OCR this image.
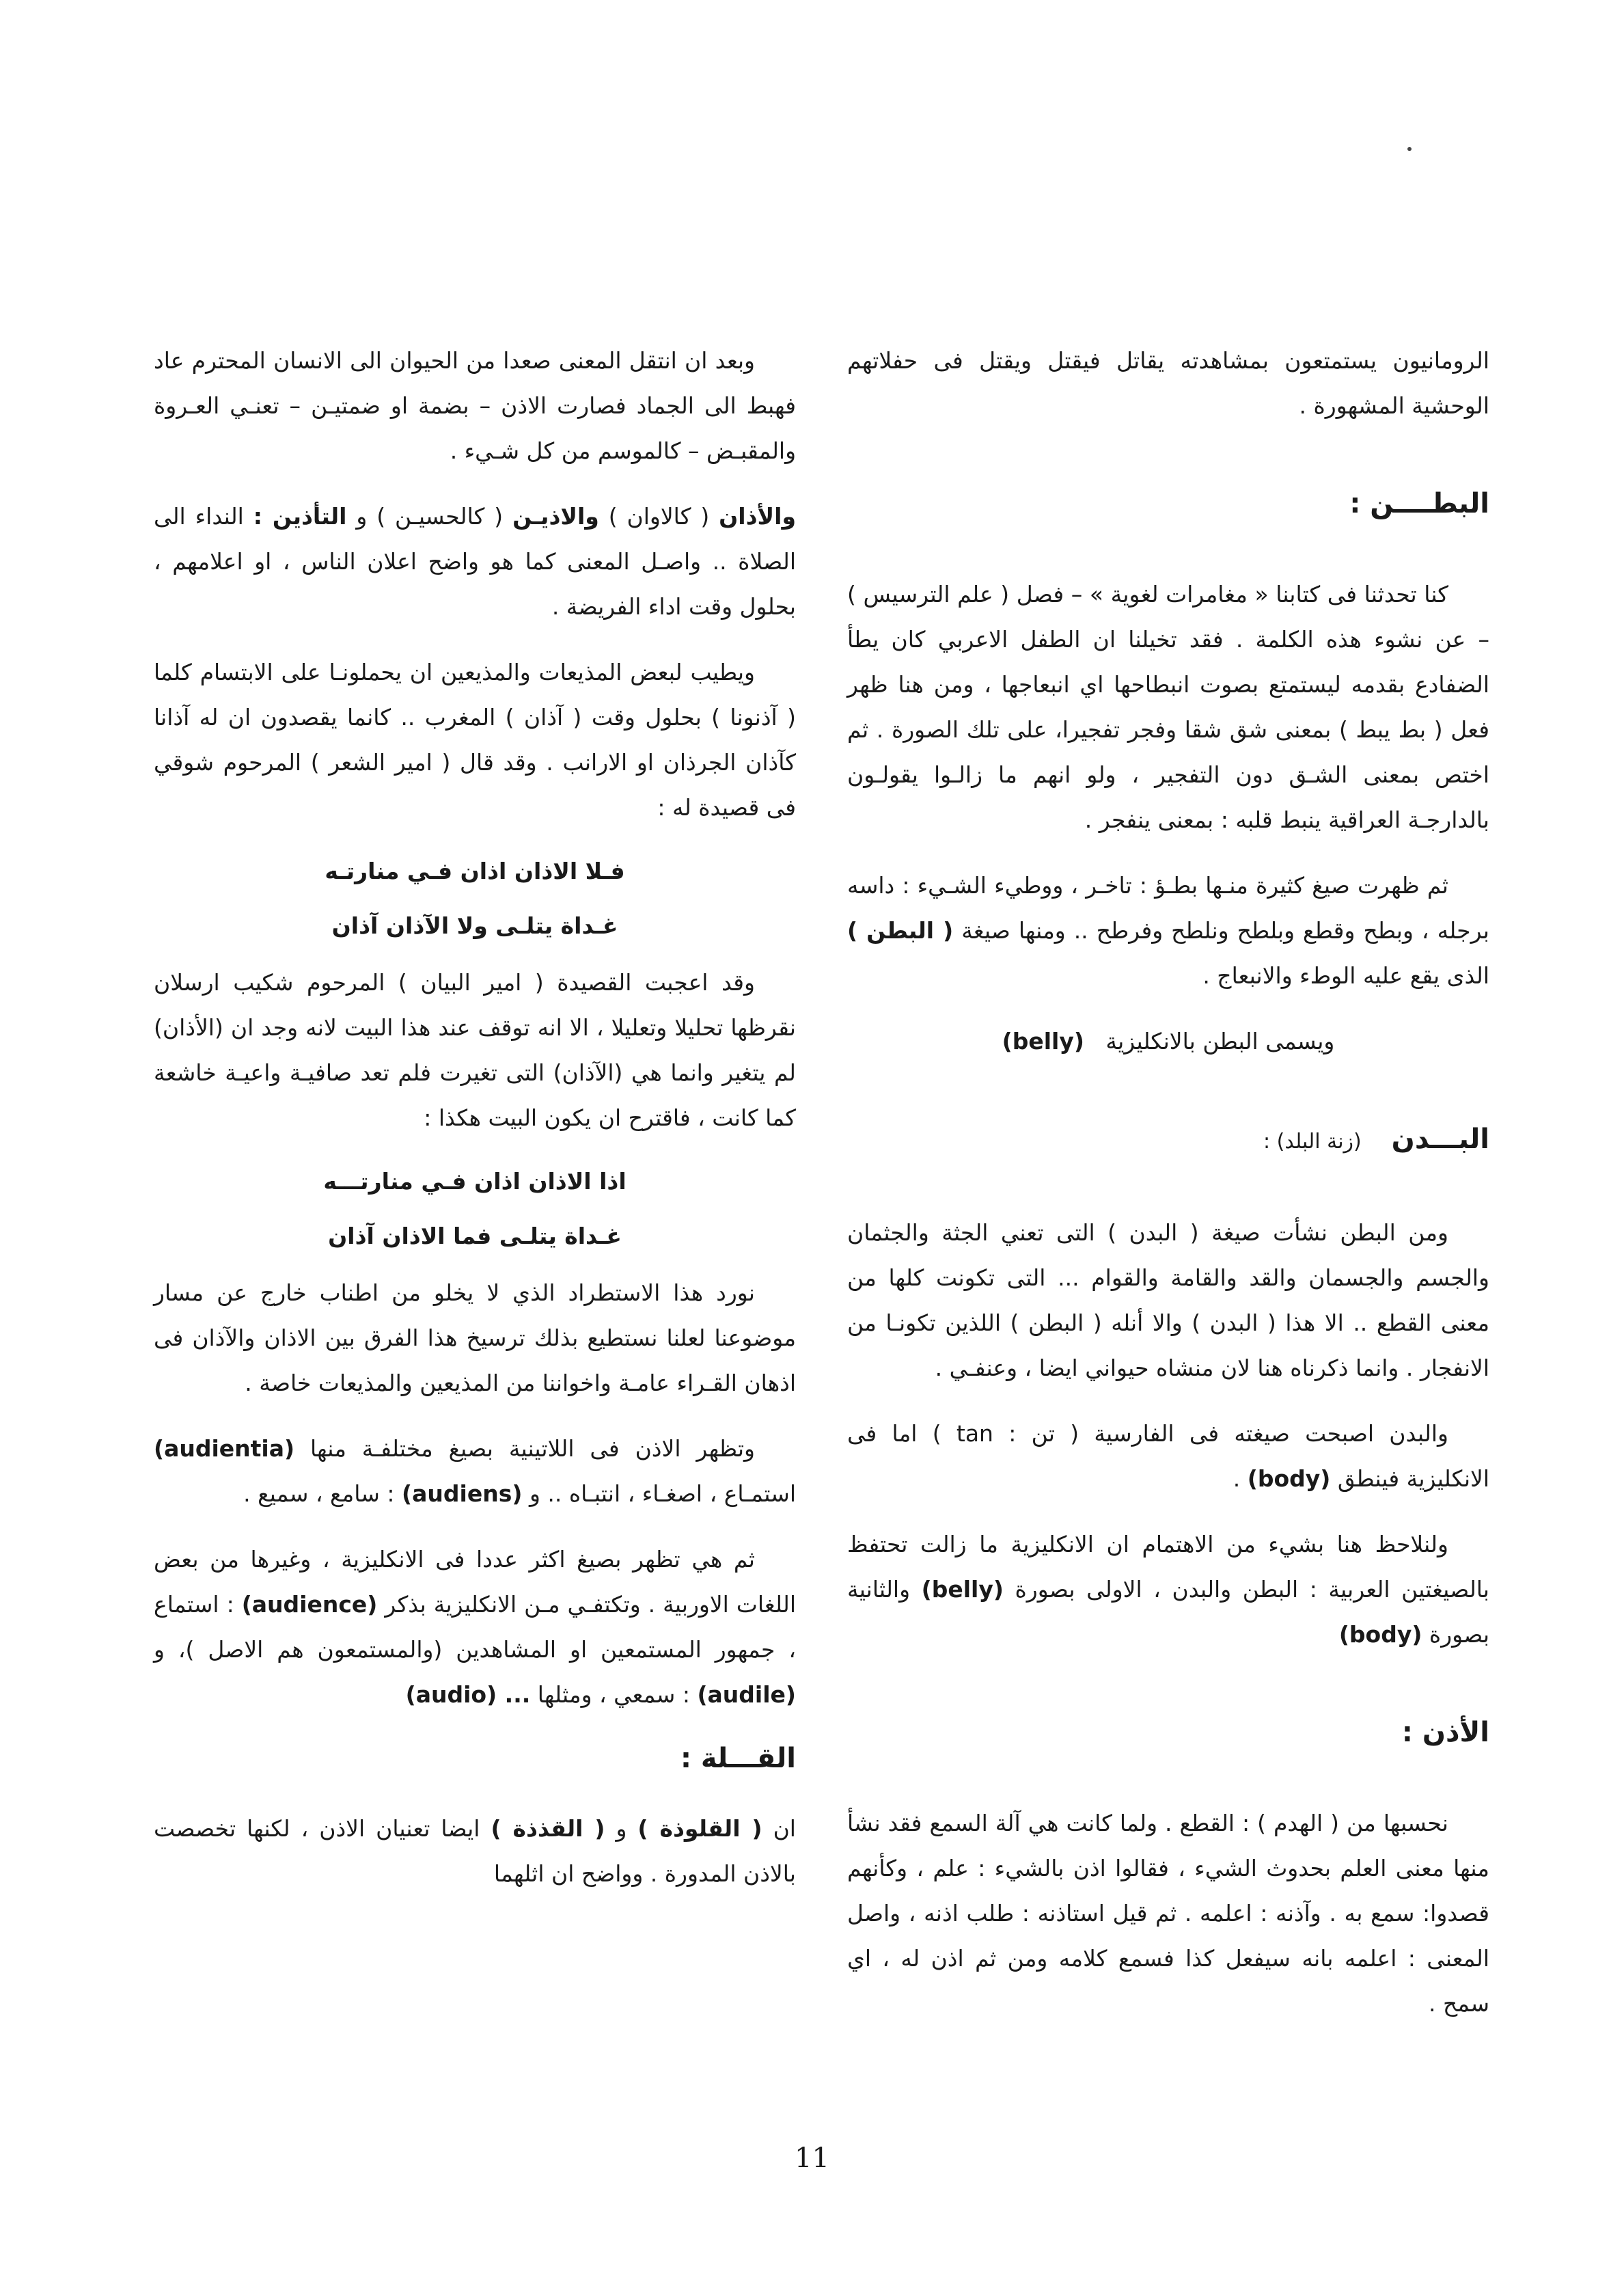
الرومانيون يستمتعون بمشاهدته يقاتل فيقتل ويقتل فى حفلاتهم الوحشية المشهورة .

البطــــن :

كنا تحدثنا فى كتابنا « مغامرات لغوية » – فصل ( علم الترسيس ) – عن نشوء هذه الكلمة . فقد تخيلنا ان الطفل الاعربي كان يطأ الضفادع بقدمه ليستمتع بصوت انبطاحها اي انبعاجها ، ومن هنا ظهر فعل ( بط يبط ) بمعنى شق شقا وفجر تفجيرا، على تلك الصورة . ثم اختص بمعنى الشـق دون التفجير ، ولو انهم ما زالـوا يقولـون بالدارجـة العراقية ينبط قلبه : بمعنى ينفجر .

ثم ظهرت صيغ كثيرة منـها بطـؤ : تاخـر ، ووطيء الشـيء : داسه برجله ، وبطح وقطع وبلطح ونلطح وفرطح .. ومنها صيغة ( البطن ) الذى يقع عليه الوطء والانبعاج .

ويسمى البطن بالانكليزية   (belly)

البـــدن (زنة البلد) :

ومن البطن نشأت صيغة ( البدن ) التى تعني الجثة والجثمان والجسم والجسمان والقد والقامة والقوام ... التى تكونت كلها من معنى القطع .. الا هذا ( البدن ) والا أنله ( البطن ) اللذين تكونـا من الانفجار . وانما ذكرناه هنا لان منشاه حيواني ايضا ، وعنفـي .

والبدن اصبحت صيغته فى الفارسية ( تن : tan ) اما فى الانكليزية فينطق (body) .

ولنلاحظ هنا بشيء من الاهتمام ان الانكليزية ما زالت تحتفظ بالصيغتين العربية : البطن والبدن ، الاولى بصورة (belly) والثانية بصورة (body)

الأذن :

نحسبها من ( الهدم ) : القطع . ولما كانت هي آلة السمع فقد نشأ منها معنى العلم بحدوث الشيء ، فقالوا اذن بالشيء : علم ، وكأنهم قصدوا: سمع به . وآذنه : اعلمه . ثم قيل استاذنه : طلب اذنه ، واصل المعنى : اعلمه بانه سيفعل كذا فسمع كلامه ومن ثم اذن له ، اي سمح .

وبعد ان انتقل المعنى صعدا من الحيوان الى الانسان المحترم عاد فهبط الى الجماد فصارت الاذن – بضمة او ضمتيـن – تعنـي العـروة والمقبـض – كالموسم من كل شـيء .

والأذان ( كالاوان ) والاذيـن ( كالحسيـن ) و التأذين : النداء الى الصلاة .. واصـل المعنى كما هو واضح اعلان الناس ، او اعلامهم ، بحلول وقت اداء الفريضة .

ويطيب لبعض المذيعات والمذيعين ان يحملونـا على الابتسام كلما ( آذنونا ) بحلول وقت ( آذان ) المغرب .. كانما يقصدون ان له آذانا كآذان الجرذان او الارانب . وقد قال ( امير الشعر ) المرحوم شوقي فى قصيدة له :

فـلا الاذان اذان فـي منارتـه
غـداة يتلـى ولا الآذان آذان

وقد اعجبت القصيدة ( امير البيان ) المرحوم شكيب ارسلان نقرظها تحليلا وتعليلا ، الا انه توقف عند هذا البيت لانه وجد ان (الأذان) لم يتغير وانما هي (الآذان) التى تغيرت فلم تعد صافيـة واعيـة خاشعة كما كانت ، فاقترح ان يكون البيت هكذا :

اذا الاذان اذان فـي منارتـــه
غـداة يتلـى فما الاذان آذان

نورد هذا الاستطراد الذي لا يخلو من اطناب خارج عن مسار موضوعنا لعلنا نستطيع بذلك ترسيخ هذا الفرق بين الاذان والآذان فى اذهان القـراء عامـة واخواننا من المذيعين والمذيعات خاصة .

وتظهر الاذن فى اللاتينية بصيغ مختلفـة منها (audientia) استمـاع ، اصغـاء ، انتبـاه .. و (audiens) : سامع ، سميع .

ثم هي تظهر بصيغ اكثر عددا فى الانكليزية ، وغيرها من بعض اللغات الاوربية . وتكتفـي مـن الانكليزية بذكر (audience) : استماع ، جمهور المستمعين او المشاهدين (والمستمعون هم الاصل )، و (audile) : سمعي ، ومثلها (audio) ...

القـــلة :

ان ( القلوذة ) و ( القذذة ) ايضا تعنيان الاذن ، لكنها تخصصت بالاذن المدورة . وواضح ان اثلهما

11
